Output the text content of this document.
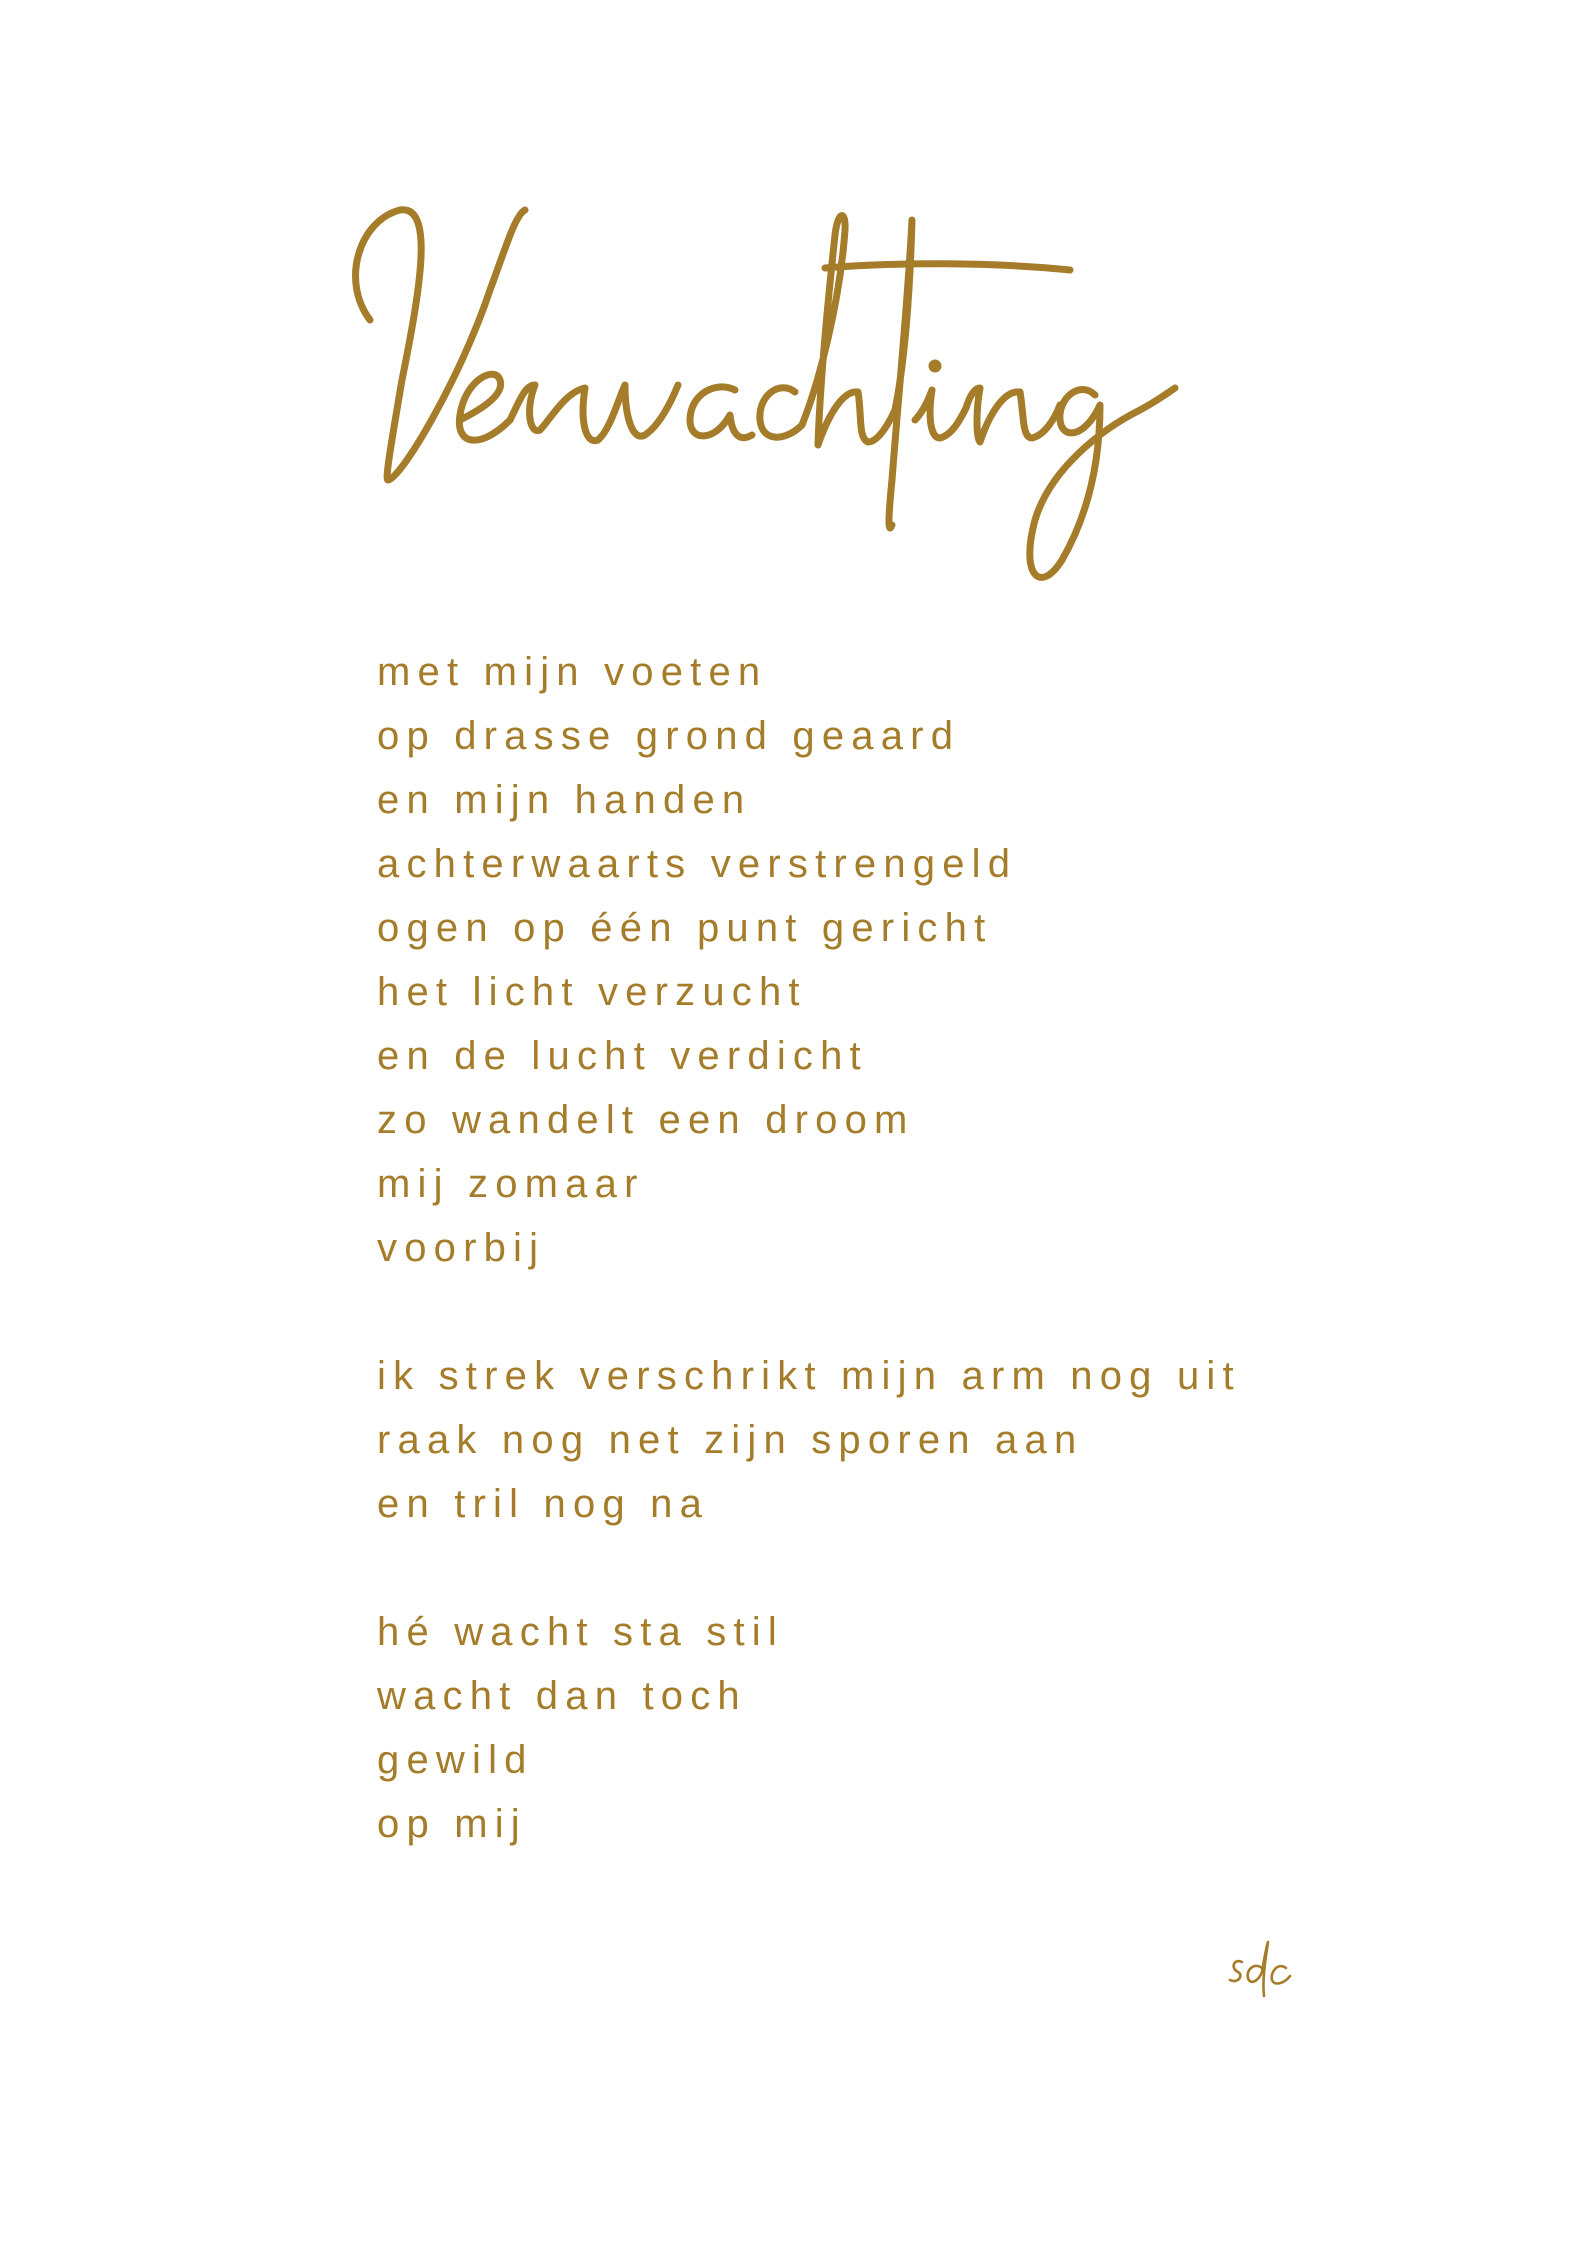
met mijn voeten
op drasse grond geaard
en mijn handen
achterwaarts verstrengeld
ogen op één punt gericht
het licht verzucht
en de lucht verdicht
zo wandelt een droom
mij zomaar
voorbij
ik strek verschrikt mijn arm nog uit
raak nog net zijn sporen aan
en tril nog na
hé wacht sta stil
wacht dan toch
gewild
op mij
